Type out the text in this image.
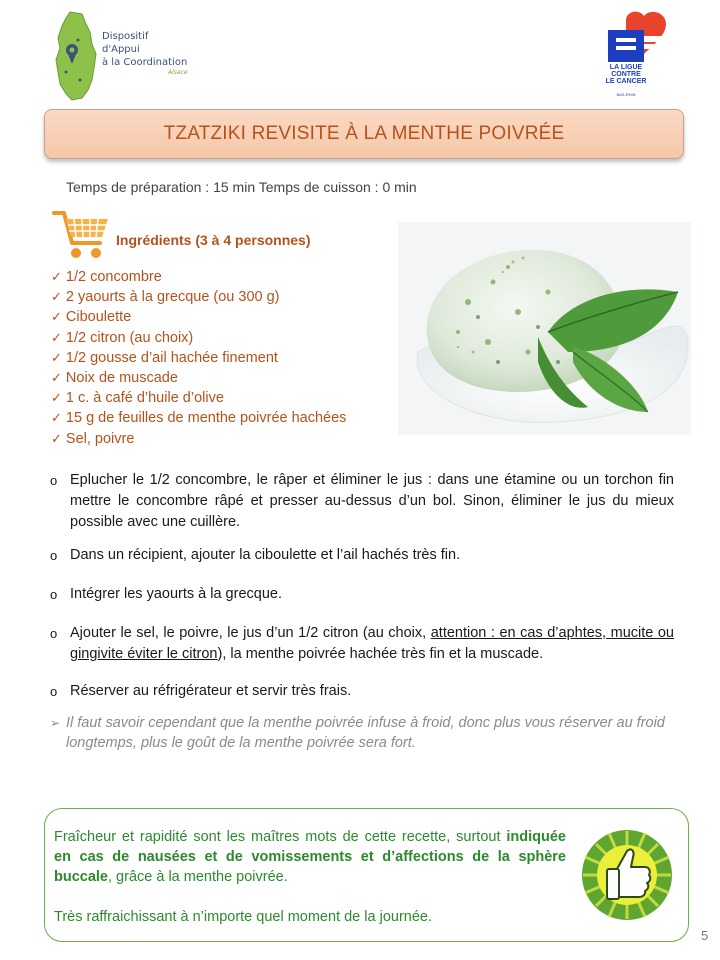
Dispositif
d'Appui
à la Coordination
Alsace
LA LIGUE
CONTRE
LE CANCER
BAS-RHIN
TZATZIKI REVISITE À LA MENTHE POIVRÉE
Temps de préparation : 15 min Temps de cuisson : 0 min
Ingrédients (3 à 4 personnes)
✓ 1/2 concombre
✓ 2 yaourts à la grecque (ou 300 g)
✓ Ciboulette
✓ 1/2 citron (au choix)
✓ 1/2 gousse d’ail hachée finement
✓ Noix de muscade
✓ 1 c. à café d’huile d’olive
✓ 15 g de feuilles de menthe poivrée hachées
✓ Sel, poivre
o Eplucher le 1/2 concombre, le râper et éliminer le jus : dans une étamine ou un torchon fin mettre le concombre râpé et presser au-dessus d’un bol. Sinon, éliminer le jus du mieux possible avec une cuillère.
o Dans un récipient, ajouter la ciboulette et l’ail hachés très fin.
o Intégrer les yaourts à la grecque.
o Ajouter le sel, le poivre, le jus d’un 1/2 citron (au choix, attention : en cas d’aphtes, mucite ou gingivite éviter le citron), la menthe poivrée hachée très fin et la muscade.
o Réserver au réfrigérateur et servir très frais.
➢ Il faut savoir cependant que la menthe poivrée infuse à froid, donc plus vous réserver au froid longtemps, plus le goût de la menthe poivrée sera fort.
Fraîcheur et rapidité sont les maîtres mots de cette recette, surtout indiquée en cas de nausées et de vomissements et d’affections de la sphère buccale, grâce à la menthe poivrée.
Très raffraichissant à n’importe quel moment de la journée.
5
